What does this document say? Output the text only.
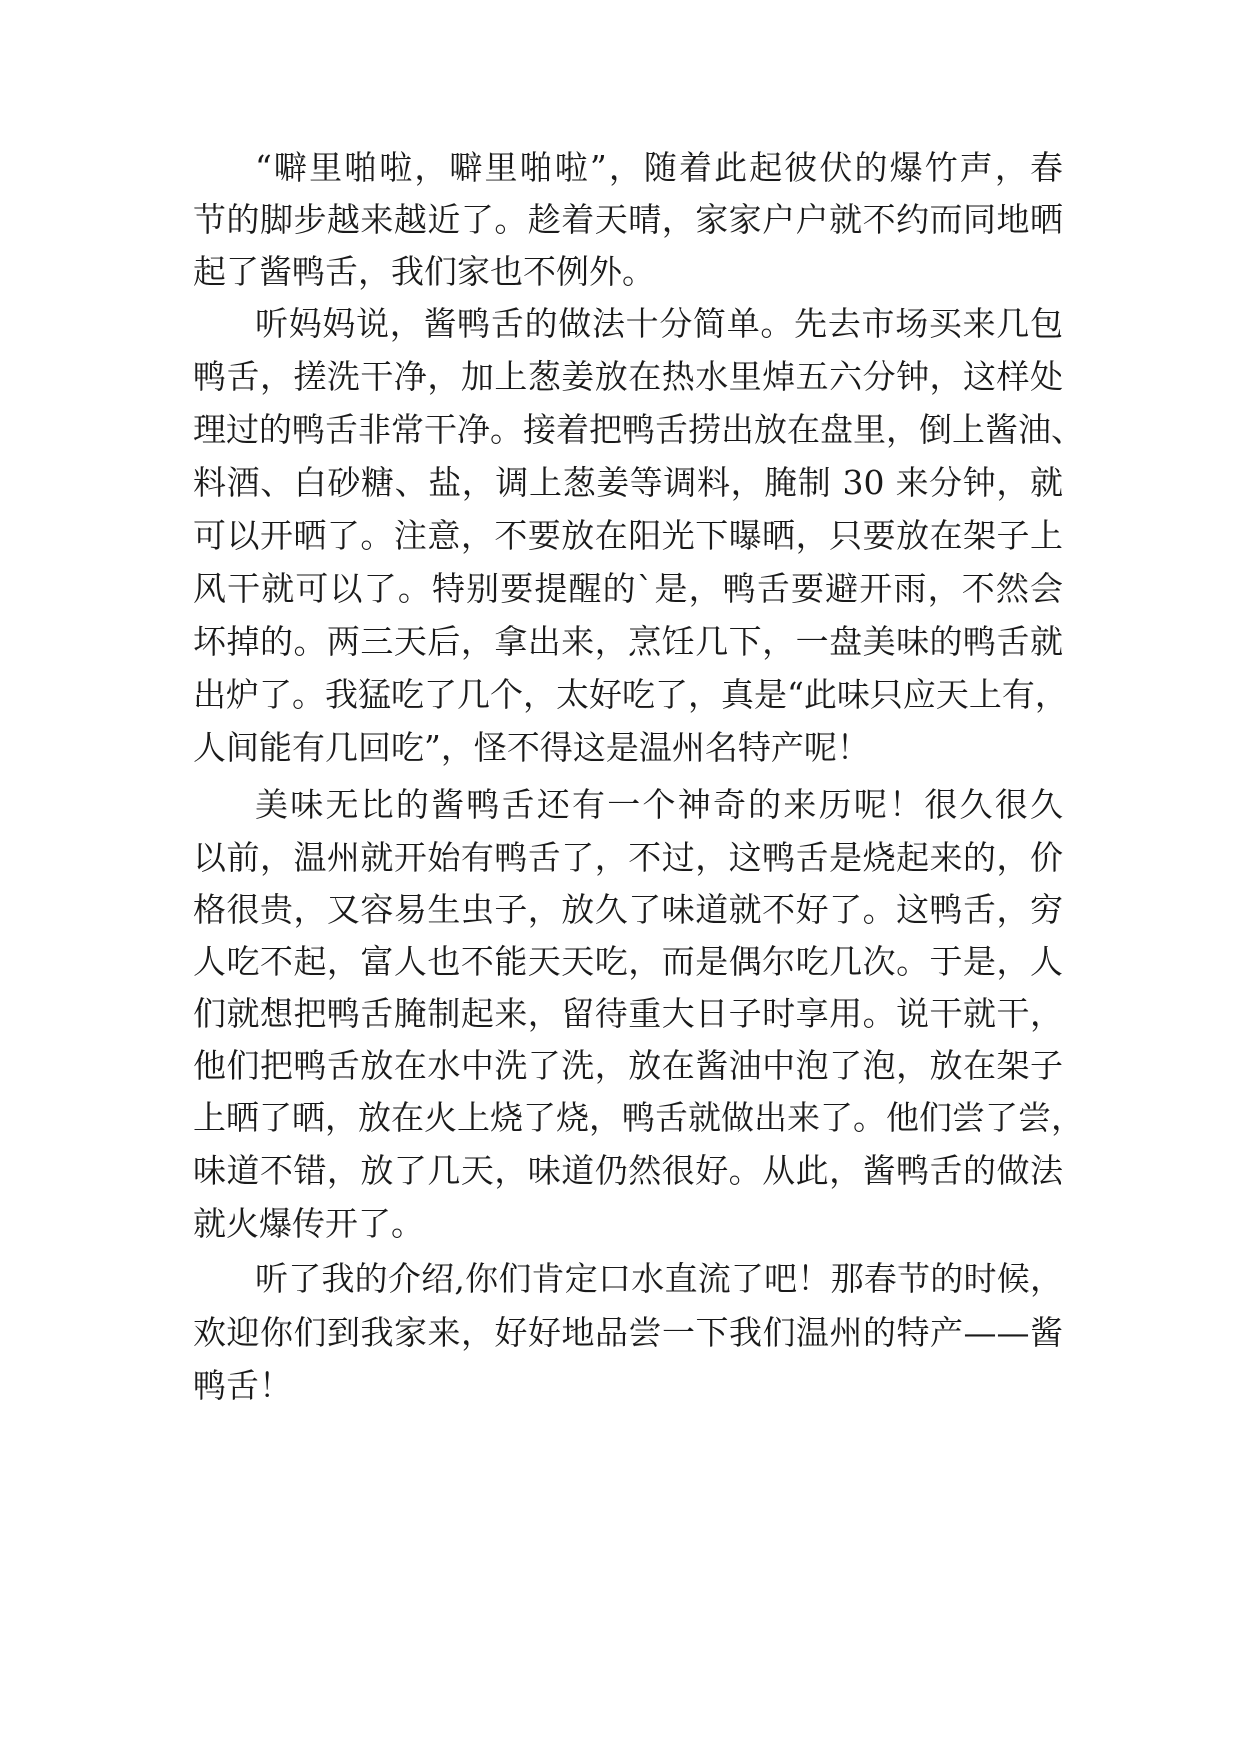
“噼里啪啦，噼里啪啦”，随着此起彼伏的爆竹声，春
节的脚步越来越近了。趁着天晴，家家户户就不约而同地晒
起了酱鸭舌，我们家也不例外。
听妈妈说，酱鸭舌的做法十分简单。先去市场买来几包
鸭舌，搓洗干净，加上葱姜放在热水里焯五六分钟，这样处
理过的鸭舌非常干净。接着把鸭舌捞出放在盘里，倒上酱油、
料酒、白砂糖、盐，调上葱姜等调料，腌制 30 来分钟，就
可以开晒了。注意，不要放在阳光下曝晒，只要放在架子上
风干就可以了。特别要提醒的`是，鸭舌要避开雨，不然会
坏掉的。两三天后，拿出来，烹饪几下，一盘美味的鸭舌就
出炉了。我猛吃了几个，太好吃了，真是“此味只应天上有，
人间能有几回吃”，怪不得这是温州名特产呢！
美味无比的酱鸭舌还有一个神奇的来历呢！很久很久
以前，温州就开始有鸭舌了，不过，这鸭舌是烧起来的，价
格很贵，又容易生虫子，放久了味道就不好了。这鸭舌，穷
人吃不起，富人也不能天天吃，而是偶尔吃几次。于是，人
们就想把鸭舌腌制起来，留待重大日子时享用。说干就干，
他们把鸭舌放在水中洗了洗，放在酱油中泡了泡，放在架子
上晒了晒，放在火上烧了烧，鸭舌就做出来了。他们尝了尝，
味道不错，放了几天，味道仍然很好。从此，酱鸭舌的做法
就火爆传开了。
听了我的介绍,你们肯定口水直流了吧！那春节的时候，
欢迎你们到我家来，好好地品尝一下我们温州的特产——酱
鸭舌！
